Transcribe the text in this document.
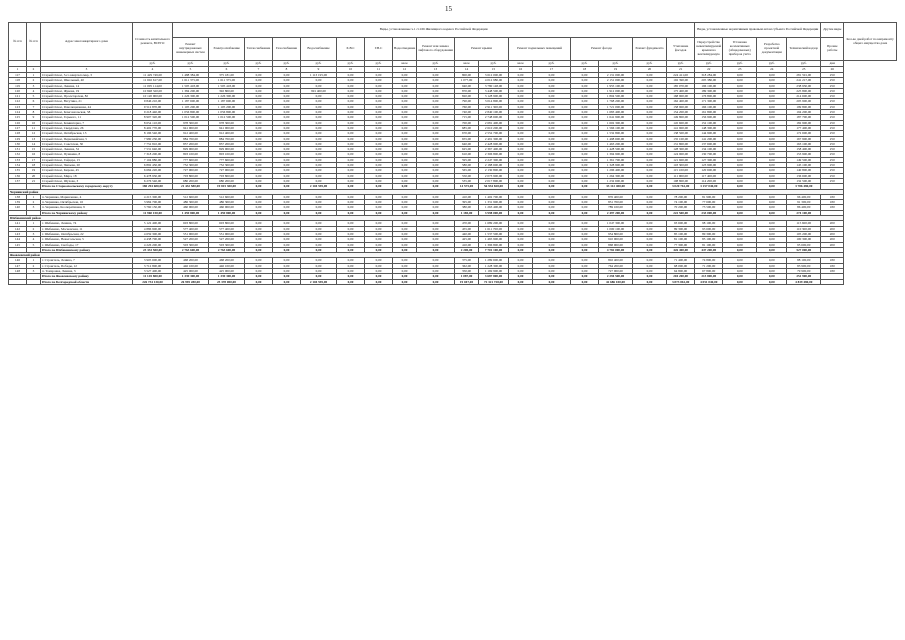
15
№ п/п	№ п/п	Адрес многоквартирного дома	Стоимость капитального ремонта, ВСЕГО	Виды, установленные ч.1 ст.166 Жилищного кодекса Российской Федерации																	Виды, установленные нормативным правовым актом субъекта Российской Федерации				Другие виды	Кол-во дней работ по капремонту общего имущества дома
				Ремонт внутридомовых инженерных систем	Электроснабжение	Теплоснабжение	Газоснабжение	Водоснабжение	Х.В.С	Г.В.С	Водоотведение	Ремонт или замена лифтового оборудования	Ремонт крыши		Ремонт подвальных помещений		Ремонт фасада		Ремонт фундамента	Утепление фасадов	Переустройство невентилируемой крыши на вентилируемую	Установка коллективных (общедомовых) приборов учёта	Разработка проектной документации	Технический надзор	Прочие работы	
			руб.	руб.	руб.	руб.	руб.	руб.	руб.	руб.	кв.м	руб.	кв.м	руб.	кв.м	руб.	руб.	руб.	руб.	руб.	руб.	руб.	руб.	руб.	дни	
1	2	3	4	5	6	7	8	9	10	11	12	13	14	15	16	17	18	19	20	21	22	23	24	25	26	
117	1	Старый Оскол, 3-го квартала мкр, 3	11 429 749,00	1 488 384,00	375 181,00	0,00	0,00	1 113 195,00	0,00	0,00	0,00	0,00	800,00	3 612 000,00	0,00	0,00	0,00	2 131 000,00	0,00	224 411,00	318 284,00	0,00	0,00	281 591,00	250	
118	2	Старый Оскол, Школьный, 40	11 602 617,00	1 611 375,00	1 611 375,00	0,00	0,00	0,00	0,00	0,00	0,00	0,00	1 077,00	4 012 980,00	0,00	0,00	0,00	2 151 000,00	0,00	192 390,00	205 380,00	0,00	0,00	241 217,00	250	
119	3	Старый Оскол, Ленина, 14	11 005 114,00	1 505 418,00	1 505 418,00	0,00	0,00	0,00	0,00	0,00	0,00	0,00	940,00	3 780 148,00	0,00	0,00	0,00	1 955 100,00	0,00	185 070,00	196 100,00	0,00	0,00	238 930,00	250	
120	4	Старый Оскол, Жукова, 19	10 848 320,00	1 384 200,00	392 800,00	0,00	0,00	991 400,00	0,00	0,00	0,00	0,00	870,00	3 448 500,00	0,00	0,00	0,00	1 912 000,00	0,00	175 400,00	189 300,00	0,00	0,00	225 800,00	250	
121	5	Старый Оскол, Пролетарская, 82	10 120 900,00	1 226 300,00	1 226 300,00	0,00	0,00	0,00	0,00	0,00	0,00	0,00	820,00	3 128 900,00	0,00	0,00	0,00	1 804 500,00	0,00	168 900,00	176 800,00	0,00	0,00	214 600,00	250	
122	6	Старый Оскол, Ватутина, 21	9 846 210,00	1 187 600,00	1 187 600,00	0,00	0,00	0,00	0,00	0,00	0,00	0,00	790,00	3 014 800,00	0,00	0,00	0,00	1 768 200,00	0,00	162 400,00	171 300,00	0,00	0,00	205 900,00	250	
123	7	Старый Оскол, Революционная, 44	9 512 870,00	1 105 200,00	1 105 200,00	0,00	0,00	0,00	0,00	0,00	0,00	0,00	760,00	2 911 300,00	0,00	0,00	0,00	1 721 000,00	0,00	158 900,00	166 100,00	0,00	0,00	199 800,00	250	
124	8	Старый Оскол, Комсомольская, 58	9 218 440,00	1 056 800,00	1 056 800,00	0,00	0,00	0,00	0,00	0,00	0,00	0,00	740,00	2 840 100,00	0,00	0,00	0,00	1 683 400,00	0,00	154 200,00	161 800,00	0,00	0,00	194 200,00	250	
125	9	Старый Оскол, Горького, 11	8 907 320,00	1 012 500,00	1 012 500,00	0,00	0,00	0,00	0,00	0,00	0,00	0,00	715,00	2 748 600,00	0,00	0,00	0,00	1 641 900,00	0,00	149 800,00	156 900,00	0,00	0,00	187 700,00	250	
126	10	Старый Оскол, Коминтерна, 7	8 654 110,00	978 300,00	978 300,00	0,00	0,00	0,00	0,00	0,00	0,00	0,00	700,00	2 681 400,00	0,00	0,00	0,00	1 602 300,00	0,00	145 600,00	152 100,00	0,00	0,00	182 900,00	250	
127	11	Старый Оскол, Свердлова, 26	8 402 770,00	941 900,00	941 900,00	0,00	0,00	0,00	0,00	0,00	0,00	0,00	685,00	2 610 200,00	0,00	0,00	0,00	1 566 100,00	0,00	141 900,00	148 300,00	0,00	0,00	177 400,00	250	
128	12	Старый Оскол, Октябрьская, 13	8 196 540,00	912 400,00	912 400,00	0,00	0,00	0,00	0,00	0,00	0,00	0,00	670,00	2 552 700,00	0,00	0,00	0,00	1 532 800,00	0,00	138 500,00	144 900,00	0,00	0,00	172 600,00	250	
129	13	Старый Оскол, Первомайская, 5	7 980 230,00	884 700,00	884 700,00	0,00	0,00	0,00	0,00	0,00	0,00	0,00	655,00	2 491 300,00	0,00	0,00	0,00	1 498 600,00	0,00	135 100,00	141 200,00	0,00	0,00	167 900,00	250	
130	14	Старый Оскол, Советская, 30	7 752 810,00	857 200,00	857 200,00	0,00	0,00	0,00	0,00	0,00	0,00	0,00	640,00	2 428 900,00	0,00	0,00	0,00	1 463 200,00	0,00	131 800,00	137 600,00	0,00	0,00	163 100,00	250	
131	15	Старый Оскол, Ленина, 52	7 531 640,00	829 900,00	829 900,00	0,00	0,00	0,00	0,00	0,00	0,00	0,00	625,00	2 367 400,00	0,00	0,00	0,00	1 428 500,00	0,00	128 300,00	134 100,00	0,00	0,00	158 400,00	250	
132	16	Старый Оскол, Пушкина, 8	7 318 200,00	803 100,00	803 100,00	0,00	0,00	0,00	0,00	0,00	0,00	0,00	610,00	2 306 800,00	0,00	0,00	0,00	1 394 900,00	0,00	124 900,00	130 700,00	0,00	0,00	153 900,00	250	
133	17	Старый Оскол, Гайдара, 15	7 104 880,00	777 600,00	777 600,00	0,00	0,00	0,00	0,00	0,00	0,00	0,00	595,00	2 247 300,00	0,00	0,00	0,00	1 361 700,00	0,00	121 600,00	127 300,00	0,00	0,00	149 500,00	250	
134	18	Старый Оскол, Чапаева, 20	6 892 450,00	752 300,00	752 300,00	0,00	0,00	0,00	0,00	0,00	0,00	0,00	580,00	2 188 600,00	0,00	0,00	0,00	1 328 900,00	0,00	118 300,00	123 900,00	0,00	0,00	145 100,00	250	
135	19	Старый Оскол, Кирова, 45	6 684 220,00	727 900,00	727 900,00	0,00	0,00	0,00	0,00	0,00	0,00	0,00	565,00	2 130 800,00	0,00	0,00	0,00	1 296 400,00	0,00	115 100,00	120 600,00	0,00	0,00	140 800,00	250	
136	20	Старый Оскол, Мира, 18	6 478 930,00	703 800,00	703 800,00	0,00	0,00	0,00	0,00	0,00	0,00	0,00	550,00	2 073 900,00	0,00	0,00	0,00	1 264 300,00	0,00	111 900,00	117 400,00	0,00	0,00	136 600,00	250	
137	21	Старый Оскол, Шухова, 3	6 276 540,00	680 200,00	680 200,00	0,00	0,00	0,00	0,00	0,00	0,00	0,00	535,00	2 017 800,00	0,00	0,00	0,00	1 232 600,00	0,00	108 800,00	114 200,00	0,00	0,00	132 500,00	250	
		Итого по Старооскольскому городскому округу	180 294 680,00	21 432 580,00	19 815 300,00	0,00	0,00	2 104 595,00	0,00	0,00	0,00	0,00	14 575,00	56 934 828,00	0,00	0,00	0,00	33 112 400,00	0,00	3 020 761,00	3 157 040,00	0,00	0,00	3 786 480,00		
Чернянский район																										
138	1	п. Чернянка, Маринченко, 4	4 215 300,00	512 600,00	512 600,00	0,00	0,00	0,00	0,00	0,00	0,00	0,00	410,00	1 402 700,00	0,00	0,00	0,00	876 400,00	0,00	78 200,00	81 900,00	0,00	0,00	96 400,00	180	
139	2	п. Чернянка, Октябрьская, 16	3 984 700,00	486 300,00	486 300,00	0,00	0,00	0,00	0,00	0,00	0,00	0,00	395,00	1 331 900,00	0,00	0,00	0,00	831 700,00	0,00	74 100,00	77 600,00	0,00	0,00	91 300,00	180	
140	3	п. Чернянка, Кооперативная, 9	3 760 150,00	460 900,00	460 900,00	0,00	0,00	0,00	0,00	0,00	0,00	0,00	380,00	1 263 400,00	0,00	0,00	0,00	789 100,00	0,00	70 200,00	73 500,00	0,00	0,00	86 400,00	180	
		Итого по Чернянскому району	11 960 150,00	1 459 800,00	1 459 800,00	0,00	0,00	0,00	0,00	0,00	0,00	0,00	1 185,00	3 998 000,00	0,00	0,00	0,00	2 497 200,00	0,00	222 500,00	233 000,00	0,00	0,00	274 100,00		
Шебекинский район																										
141	1	г. Шебекино, Ленина, 74	5 122 400,00	603 800,00	603 800,00	0,00	0,00	0,00	0,00	0,00	0,00	0,00	470,00	1 689 200,00	0,00	0,00	0,00	1 047 300,00	0,00	93 600,00	98 100,00	0,00	0,00	115 600,00	200	
142	2	г. Шебекино, Московская, 11	4 886 900,00	577 400,00	577 400,00	0,00	0,00	0,00	0,00	0,00	0,00	0,00	455,00	1 611 700,00	0,00	0,00	0,00	1 000 100,00	0,00	89 300,00	93 600,00	0,00	0,00	110 300,00	200	
143	3	г. Шебекино, Октябрьская, 22	4 659 300,00	551 900,00	551 900,00	0,00	0,00	0,00	0,00	0,00	0,00	0,00	440,00	1 537 500,00	0,00	0,00	0,00	954 800,00	0,00	85 100,00	89 300,00	0,00	0,00	105 200,00	200	
144	4	г. Шебекино, Нежегольская, 5	4 438 700,00	527 200,00	527 200,00	0,00	0,00	0,00	0,00	0,00	0,00	0,00	425,00	1 465 900,00	0,00	0,00	0,00	910 900,00	0,00	81 100,00	85 100,00	0,00	0,00	100 300,00	200	
145	5	г. Шебекино, Свободы, 17	4 226 200,00	503 300,00	503 300,00	0,00	0,00	0,00	0,00	0,00	0,00	0,00	410,00	1 396 800,00	0,00	0,00	0,00	868 900,00	0,00	77 300,00	81 100,00	0,00	0,00	95 600,00	200	
		Итого по Шебекинскому району	23 333 500,00	2 763 600,00	2 763 600,00	0,00	0,00	0,00	0,00	0,00	0,00	0,00	2 200,00	7 701 100,00	0,00	0,00	0,00	4 782 000,00	0,00	426 400,00	447 200,00	0,00	0,00	527 000,00		
Яковлевский район																										
146	1	г. Строитель, Ленина, 7	3 905 600,00	468 200,00	468 200,00	0,00	0,00	0,00	0,00	0,00	0,00	0,00	375,00	1 289 600,00	0,00	0,00	0,00	802 400,00	0,00	71 400,00	74 800,00	0,00	0,00	88 100,00	180	
147	2	г. Строитель, Победы, 12	3 712 800,00	446 100,00	446 100,00	0,00	0,00	0,00	0,00	0,00	0,00	0,00	362,00	1 228 300,00	0,00	0,00	0,00	764 200,00	0,00	68 000,00	71 200,00	0,00	0,00	83 900,00	180	
148	3	п. Томаровка, Ленина, 3	3 527 400,00	425 000,00	425 000,00	0,00	0,00	0,00	0,00	0,00	0,00	0,00	350,00	1 169 900,00	0,00	0,00	0,00	727 900,00	0,00	64 800,00	67 800,00	0,00	0,00	79 900,00	180	
		Итого по Яковлевскому району	11 145 800,00	1 339 300,00	1 339 300,00	0,00	0,00	0,00	0,00	0,00	0,00	0,00	1 087,00	3 687 800,00	0,00	0,00	0,00	2 294 500,00	0,00	204 200,00	213 800,00	0,00	0,00	251 900,00		
		Итого по Белгородской области	226 734 130,00	26 995 280,00	25 378 000,00	0,00	0,00	2 104 595,00	0,00	0,00	0,00	0,00	19 047,00	72 321 728,00	0,00	0,00	0,00	42 686 100,00	0,00	3 873 861,00	4 051 040,00	0,00	0,00	4 839 480,00		
